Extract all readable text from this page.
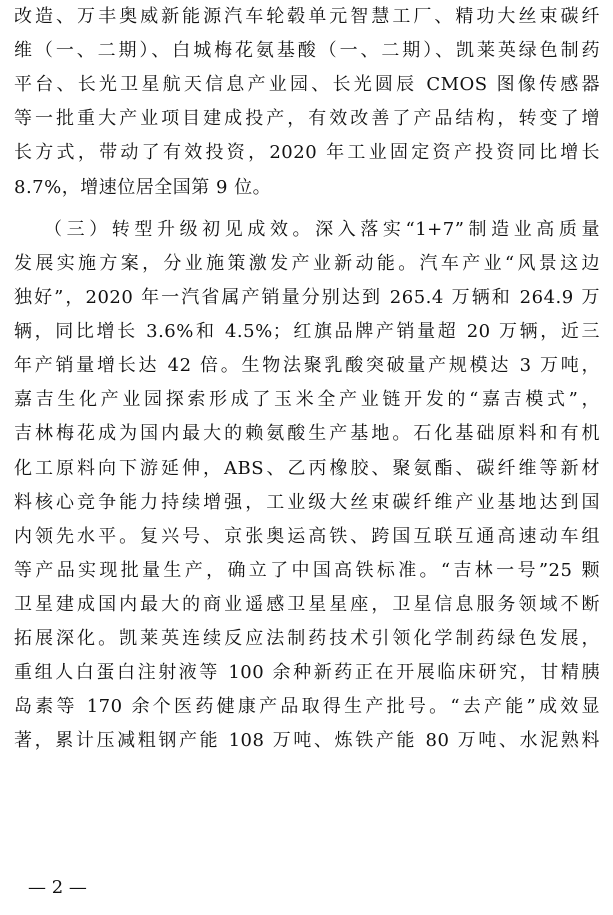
改造、万丰奥威新能源汽车轮毂单元智慧工厂、精功大丝束碳纤
维（一、二期）、白城梅花氨基酸（一、二期）、凯莱英绿色制药
平台、长光卫星航天信息产业园、长光圆辰 CMOS 图像传感器
等一批重大产业项目建成投产，有效改善了产品结构，转变了增
长方式，带动了有效投资，2020 年工业固定资产投资同比增长
8.7%，增速位居全国第 9 位。
（三）转型升级初见成效。深入落实“1+7”制造业高质量
发展实施方案，分业施策激发产业新动能。汽车产业“风景这边
独好”，2020 年一汽省属产销量分别达到 265.4 万辆和 264.9 万
辆，同比增长 3.6%和 4.5%；红旗品牌产销量超 20 万辆，近三
年产销量增长达 42 倍。生物法聚乳酸突破量产规模达 3 万吨，
嘉吉生化产业园探索形成了玉米全产业链开发的“嘉吉模式”，
吉林梅花成为国内最大的赖氨酸生产基地。石化基础原料和有机
化工原料向下游延伸，ABS、乙丙橡胶、聚氨酯、碳纤维等新材
料核心竞争能力持续增强，工业级大丝束碳纤维产业基地达到国
内领先水平。复兴号、京张奥运高铁、跨国互联互通高速动车组
等产品实现批量生产，确立了中国高铁标准。“吉林一号”25 颗
卫星建成国内最大的商业遥感卫星星座，卫星信息服务领域不断
拓展深化。凯莱英连续反应法制药技术引领化学制药绿色发展，
重组人白蛋白注射液等 100 余种新药正在开展临床研究，甘精胰
岛素等 170 余个医药健康产品取得生产批号。“去产能”成效显
著，累计压减粗钢产能 108 万吨、炼铁产能 80 万吨、水泥熟料
— 2 —
